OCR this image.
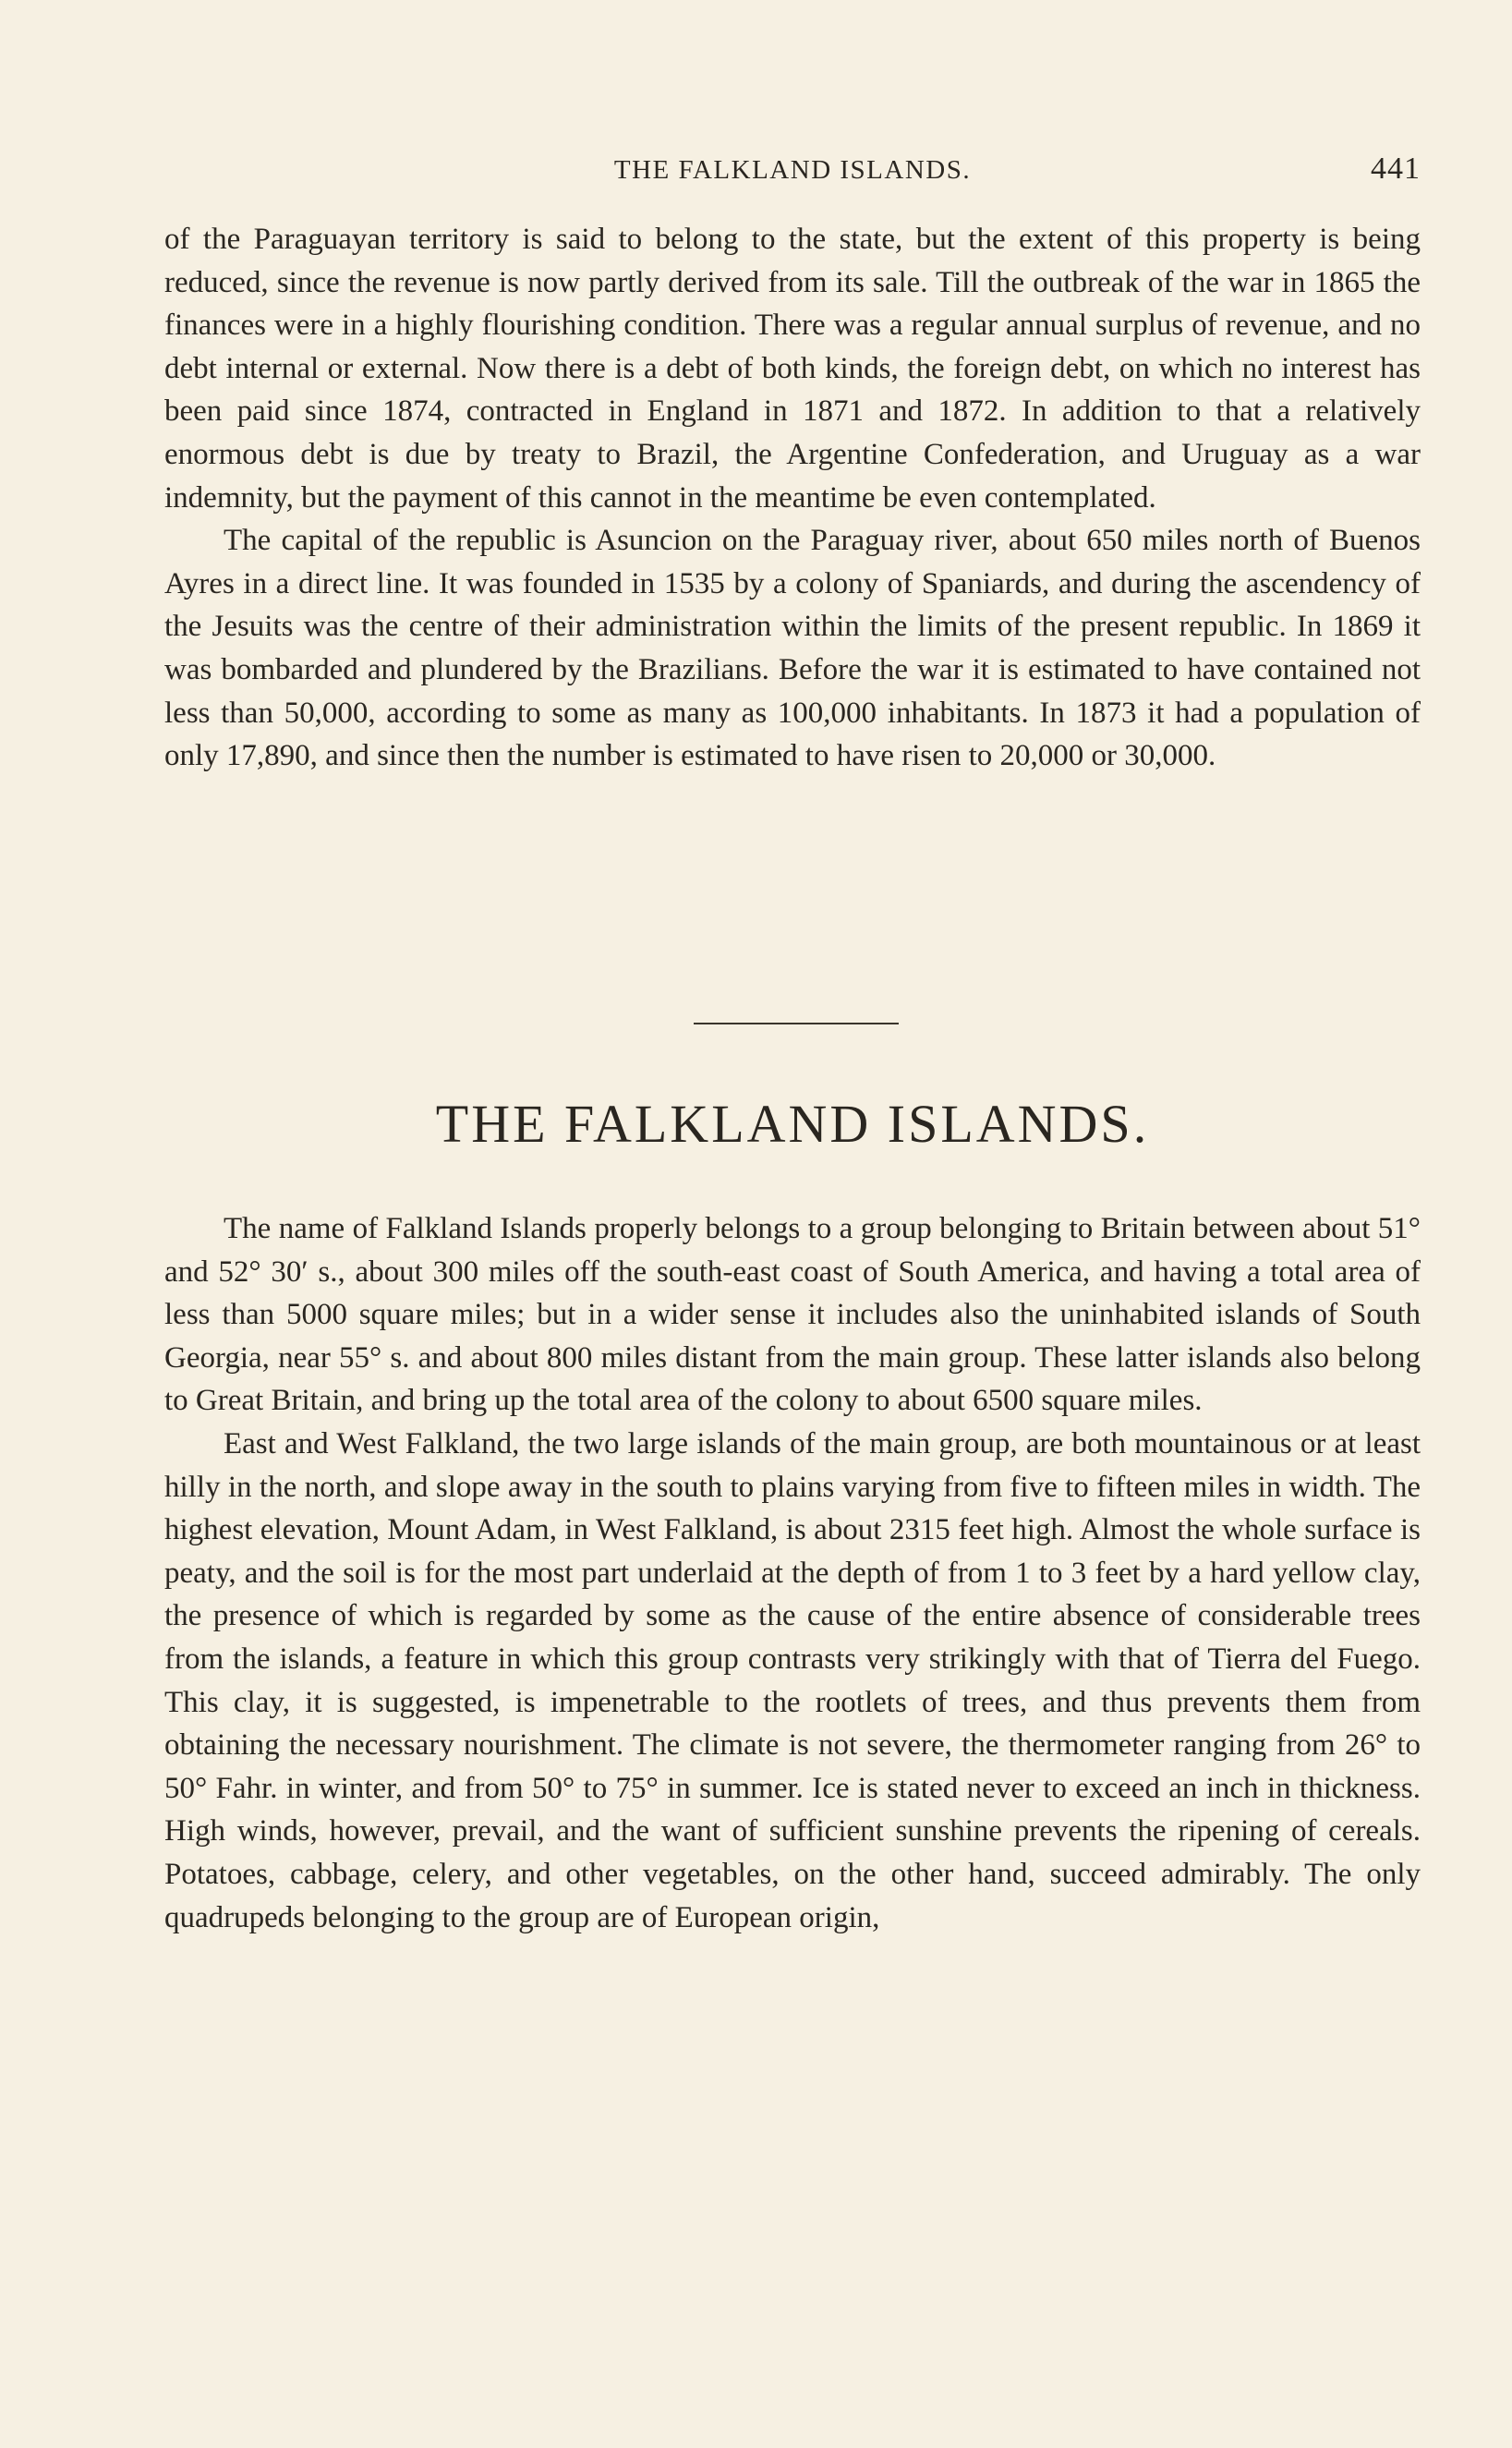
THE FALKLAND ISLANDS.	441

of the Paraguayan territory is said to belong to the state, but the extent of this property is being reduced, since the revenue is now partly derived from its sale. Till the outbreak of the war in 1865 the finances were in a highly flourishing condition. There was a regular annual surplus of revenue, and no debt internal or external. Now there is a debt of both kinds, the foreign debt, on which no interest has been paid since 1874, contracted in England in 1871 and 1872. In addition to that a relatively enormous debt is due by treaty to Brazil, the Argentine Confederation, and Uruguay as a war indemnity, but the payment of this cannot in the meantime be even contemplated.

The capital of the republic is Asuncion on the Paraguay river, about 650 miles north of Buenos Ayres in a direct line. It was founded in 1535 by a colony of Spaniards, and during the ascendency of the Jesuits was the centre of their administration within the limits of the present republic. In 1869 it was bombarded and plundered by the Brazilians. Before the war it is estimated to have contained not less than 50,000, according to some as many as 100,000 inhabitants. In 1873 it had a population of only 17,890, and since then the number is estimated to have risen to 20,000 or 30,000.

THE FALKLAND ISLANDS.

The name of Falkland Islands properly belongs to a group belonging to Britain between about 51° and 52° 30′ s., about 300 miles off the south-east coast of South America, and having a total area of less than 5000 square miles; but in a wider sense it includes also the uninhabited islands of South Georgia, near 55° s. and about 800 miles distant from the main group. These latter islands also belong to Great Britain, and bring up the total area of the colony to about 6500 square miles.

East and West Falkland, the two large islands of the main group, are both mountainous or at least hilly in the north, and slope away in the south to plains varying from five to fifteen miles in width. The highest elevation, Mount Adam, in West Falkland, is about 2315 feet high. Almost the whole surface is peaty, and the soil is for the most part underlaid at the depth of from 1 to 3 feet by a hard yellow clay, the presence of which is regarded by some as the cause of the entire absence of considerable trees from the islands, a feature in which this group contrasts very strikingly with that of Tierra del Fuego. This clay, it is suggested, is impenetrable to the rootlets of trees, and thus prevents them from obtaining the necessary nourishment. The climate is not severe, the thermometer ranging from 26° to 50° Fahr. in winter, and from 50° to 75° in summer. Ice is stated never to exceed an inch in thickness. High winds, however, prevail, and the want of sufficient sunshine prevents the ripening of cereals. Potatoes, cabbage, celery, and other vegetables, on the other hand, succeed admirably. The only quadrupeds belonging to the group are of European origin,
